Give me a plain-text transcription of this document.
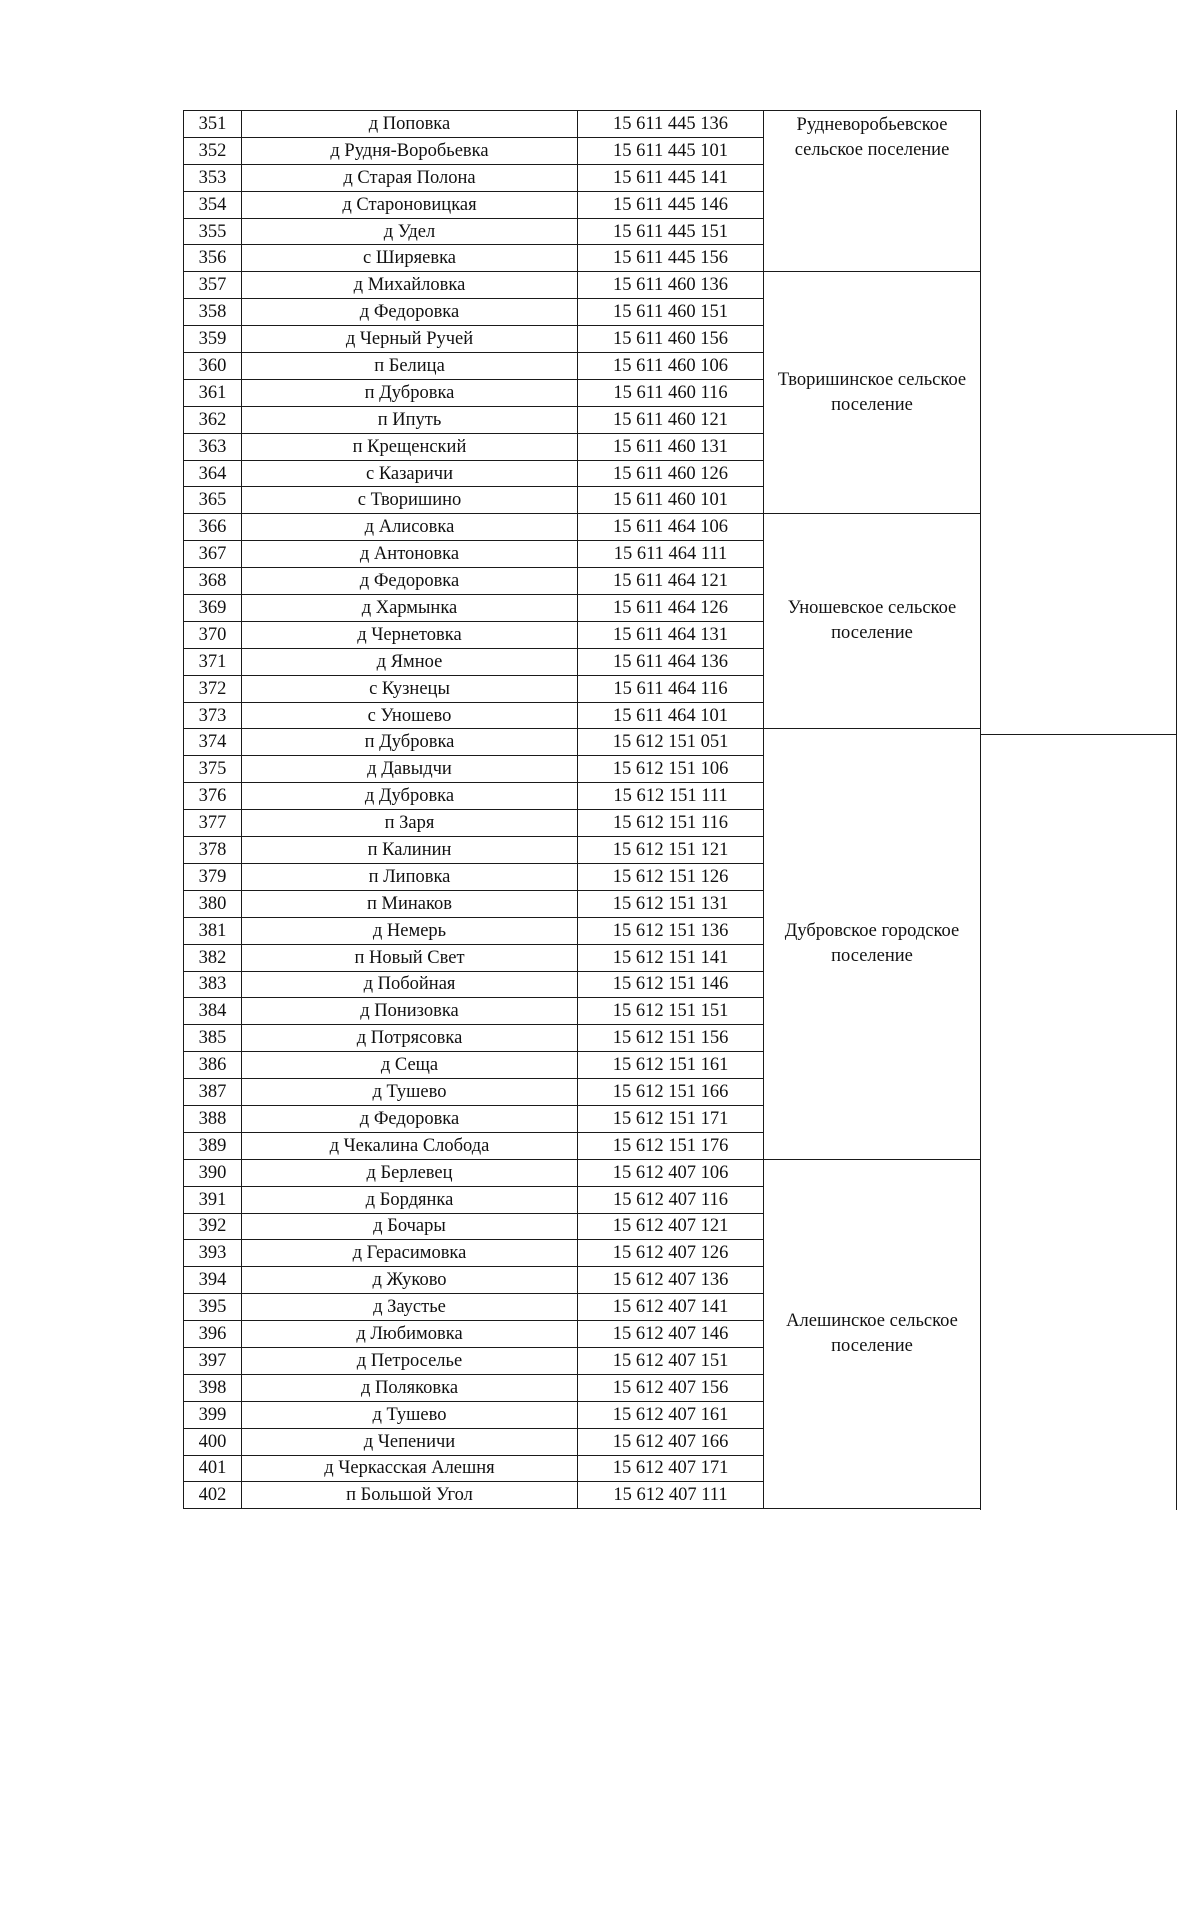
351	д Поповка	15 611 445 136	Рудневоробьевское сельское поселение
352	д Рудня-Воробьевка	15 611 445 101	
353	д Старая Полона	15 611 445 141	
354	д Староновицкая	15 611 445 146	
355	д Удел	15 611 445 151	
356	с Ширяевка	15 611 445 156	
357	д Михайловка	15 611 460 136	Творишинское сельское поселение
358	д Федоровка	15 611 460 151	
359	д Черный Ручей	15 611 460 156	
360	п Белица	15 611 460 106	
361	п Дубровка	15 611 460 116	
362	п Ипуть	15 611 460 121	
363	п Крещенский	15 611 460 131	
364	с Казаричи	15 611 460 126	
365	с Творишино	15 611 460 101	
366	д Алисовка	15 611 464 106	Уношевское сельское поселение
367	д Антоновка	15 611 464 111	
368	д Федоровка	15 611 464 121	
369	д Хармынка	15 611 464 126	
370	д Чернетовка	15 611 464 131	
371	д Ямное	15 611 464 136	
372	с Кузнецы	15 611 464 116	
373	с Уношево	15 611 464 101	
374	п Дубровка	15 612 151 051	Дубровское городское поселение
375	д Давыдчи	15 612 151 106	
376	д Дубровка	15 612 151 111	
377	п Заря	15 612 151 116	
378	п Калинин	15 612 151 121	
379	п Липовка	15 612 151 126	
380	п Минаков	15 612 151 131	
381	д Немерь	15 612 151 136	
382	п Новый Свет	15 612 151 141	
383	д Побойная	15 612 151 146	
384	д Понизовка	15 612 151 151	
385	д Потрясовка	15 612 151 156	
386	д Сеща	15 612 151 161	
387	д Тушево	15 612 151 166	
388	д Федоровка	15 612 151 171	
389	д Чекалина Слобода	15 612 151 176	
390	д Берлевец	15 612 407 106	Алешинское сельское поселение
391	д Бордянка	15 612 407 116	
392	д Бочары	15 612 407 121	
393	д Герасимовка	15 612 407 126	
394	д Жуково	15 612 407 136	
395	д Заустье	15 612 407 141	
396	д Любимовка	15 612 407 146	
397	д Петроселье	15 612 407 151	
398	д Поляковка	15 612 407 156	
399	д Тушево	15 612 407 161	
400	д Чепеничи	15 612 407 166	
401	д Черкасская Алешня	15 612 407 171	
402	п Большой Угол	15 612 407 111	
